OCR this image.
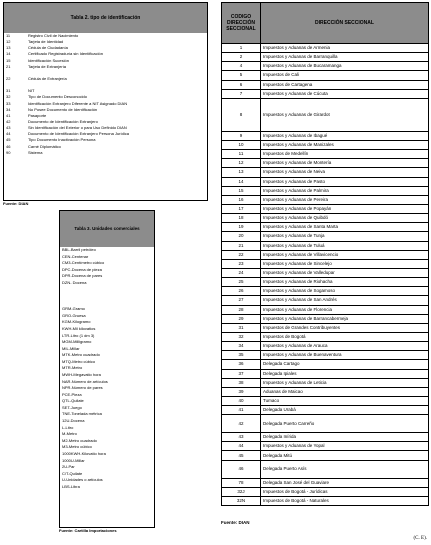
Tabla 2. tipo de identificación
11	Registro Civil de Nacimiento
12	Tarjeta de Identidad
13	Cédula de Ciudadanía
14	Certificado Registraduría sin Identificación
15	Identificación Sucesión
21	Tarjeta de Extranjería
22	Cédula de Extranjería
31	NIT
32	Tipo de Documento Desconocido
33	Identificación Extranjero Diferente a NIT Asignado DIAN
34	No Posee Documento de Identificación
41	Pasaporte
42	Documento de Identificación Extranjero
43	Sin Identificación del Exterior o para Uso Definido DIAN
44	Documento de Identificación Extranjero Persona Jurídica
45	Tipo Documento Inactivación Persona
46	Carné Diplomático
90	Sistema
Fuente: DIAN
Tabla 3. Unidades comerciales
BBL-Barril petróleo
CEN-Centenar
CM3-Centímetro cúbico
DPC-Docena de pieza
DPR-Docena de pares
DZN- Docena
GRM-Gramo
GRO-Gruesa
KGM-Kilogramo
KWH-Mil kilovatios
LTR-Litro (1 dm 3)
MGM-Milligramo
MIL-Millar
MTK-Metro cuadrado
MTQ-Metro cúbico
MTR-Metro
MWH-Megavatio hora
NAR-Número de artículos
NPR-Número de pares
PCE-Pieza
QTL-Quilate
SET-Juego
TNE-Tonelada métrica
12U-Docena
L-Litro
M-Metro
M2-Metro cuadrado
M3-Metro cúbico
1000KWH-Kilovatio hora
1000U-Millar
2U-Par
C/T-Quilate
U-Unidades o artículos
LBS-Libra
Fuente: Cartilla Importaciones
CODIGO DIRECCIÓN SECCIONAL	DIRECCIÓN SECCIONAL
1	Impuestos y Aduanas de Armenia
2	Impuestos y Aduanas de Barranquilla
4	Impuestos y Aduanas de Bucaramanga
5	Impuestos de Cali
6	Impuestos de Cartagena
7	Impuestos y Aduanas de Cúcuta
8	Impuestos y Aduanas de Girardot
9	Impuestos y Aduanas de Ibagué
10	Impuestos y Aduanas de Manizales
11	Impuestos de Medellín
12	Impuestos y Aduanas de Montería
13	Impuestos y Aduanas de Neiva
14	Impuestos y Aduanas de Pasto
15	Impuestos y Aduanas de Palmira
16	Impuestos y Aduanas de Pereira
17	Impuestos y Aduanas de Popayán
18	Impuestos y Aduanas de Quibdó
19	Impuestos y Aduanas de Santa Marta
20	Impuestos y Aduanas de Tunja
21	Impuestos y Aduanas de Tuluá
22	Impuestos y Aduanas de Villavicencio
23	Impuestos y Aduanas de Sincelejo
24	Impuestos y Aduanas de Valledupar
25	Impuestos y Aduanas de Riohacha
26	Impuestos y Aduanas de Sogamoso
27	Impuestos y Aduanas de San Andrés
28	Impuestos y Aduanas de Florencia
29	Impuestos y Aduanas de Barrancabermeja
31	Impuestos de Grandes Contribuyentes
32	Impuestos de Bogotá
34	Impuestos y Aduanas de Arauca
35	Impuestos y Aduanas de Buenaventura
36	Delegada Cartago
37	Delegada Ipiales
38	Impuestos y Aduanas de Leticia
39	Aduanas de Maicao
40	Tumaco
41	Delegada Urabá
42	Delegada Puerto Carreño
43	Delegada Inírida
44	Impuestos y Aduanas de Yopal
45	Delegada Mitú
46	Delegada Puerto Asís
78	Delegada San José del Guaviare
32J	Impuestos de Bogotá - Jurídicas
32N	Impuestos de Bogotá - Naturales
Fuente: DIAN
(C. E).
